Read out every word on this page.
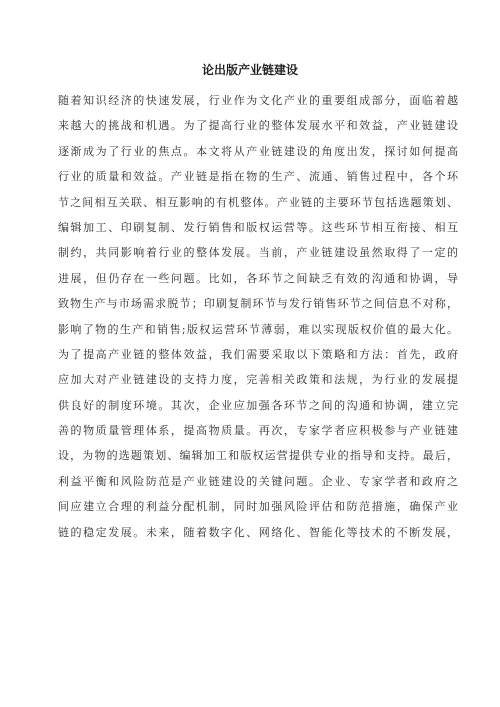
论出版产业链建设
随着知识经济的快速发展，行业作为文化产业的重要组成部分，面临着越
来越大的挑战和机遇。为了提高行业的整体发展水平和效益，产业链建设
逐渐成为了行业的焦点。本文将从产业链建设的角度出发，探讨如何提高
行业的质量和效益。产业链是指在物的生产、流通、销售过程中，各个环
节之间相互关联、相互影响的有机整体。产业链的主要环节包括选题策划、
编辑加工、印刷复制、发行销售和版权运营等。这些环节相互衔接、相互
制约，共同影响着行业的整体发展。当前，产业链建设虽然取得了一定的
进展，但仍存在一些问题。比如，各环节之间缺乏有效的沟通和协调，导
致物生产与市场需求脱节；印刷复制环节与发行销售环节之间信息不对称，
影响了物的生产和销售;版权运营环节薄弱，难以实现版权价值的最大化。
为了提高产业链的整体效益，我们需要采取以下策略和方法：首先，政府
应加大对产业链建设的支持力度，完善相关政策和法规，为行业的发展提
供良好的制度环境。其次，企业应加强各环节之间的沟通和协调，建立完
善的物质量管理体系，提高物质量。再次，专家学者应积极参与产业链建
设，为物的选题策划、编辑加工和版权运营提供专业的指导和支持。最后，
利益平衡和风险防范是产业链建设的关键问题。企业、专家学者和政府之
间应建立合理的利益分配机制，同时加强风险评估和防范措施，确保产业
链的稳定发展。未来，随着数字化、网络化、智能化等技术的不断发展，
